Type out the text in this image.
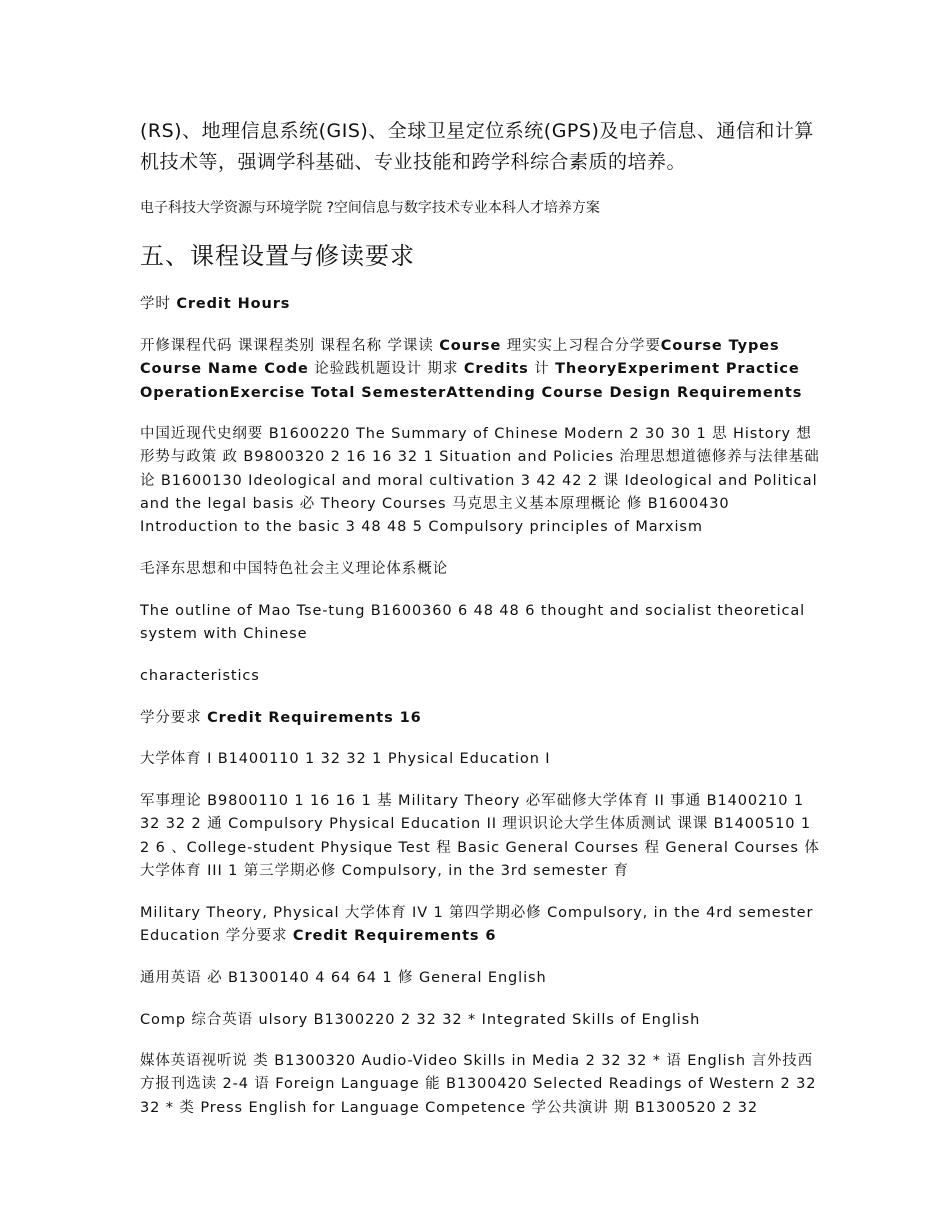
(RS)、地理信息系统(GIS)、全球卫星定位系统(GPS)及电子信息、通信和计算机技术等，强调学科基础、专业技能和跨学科综合素质的培养。

电子科技大学资源与环境学院 ?空间信息与数字技术专业本科人才培养方案

五、课程设置与修读要求

学时 Credit Hours

开修课程代码 课课程类别 课程名称 学课读 Course 理实实上习程合分学要Course Types Course Name Code 论验践机题设计 期求 Credits 计 TheoryExperiment Practice OperationExercise Total SemesterAttending Course Design Requirements

中国近现代史纲要 B1600220 The Summary of Chinese Modern 2 30 30 1 思 History 想形势与政策 政 B9800320 2 16 16 32 1 Situation and Policies 治理思想道德修养与法律基础 论 B1600130 Ideological and moral cultivation 3 42 42 2 课 Ideological and Political and the legal basis 必 Theory Courses 马克思主义基本原理概论 修 B1600430 Introduction to the basic 3 48 48 5 Compulsory principles of Marxism

毛泽东思想和中国特色社会主义理论体系概论

The outline of Mao Tse-tung B1600360 6 48 48 6 thought and socialist theoretical system with Chinese

characteristics

学分要求 Credit Requirements 16

大学体育 I B1400110 1 32 32 1 Physical Education I

军事理论 B9800110 1 16 16 1 基 Military Theory 必军础修大学体育 II 事通 B1400210 1 32 32 2 通 Compulsory Physical Education II 理识识论大学生体质测试 课课 B1400510 1 2 6 、College-student Physique Test 程 Basic General Courses 程 General Courses 体大学体育 III 1 第三学期必修 Compulsory, in the 3rd semester 育

Military Theory, Physical 大学体育 IV 1 第四学期必修 Compulsory, in the 4rd semester Education 学分要求 Credit Requirements 6

通用英语 必 B1300140 4 64 64 1 修 General English

Comp 综合英语 ulsory B1300220 2 32 32 * Integrated Skills of English

媒体英语视听说 类 B1300320 Audio-Video Skills in Media 2 32 32 * 语 English 言外技西方报刊选读 2-4 语 Foreign Language 能 B1300420 Selected Readings of Western 2 32 32 * 类 Press English for Language Competence 学公共演讲 期 B1300520 2 32
